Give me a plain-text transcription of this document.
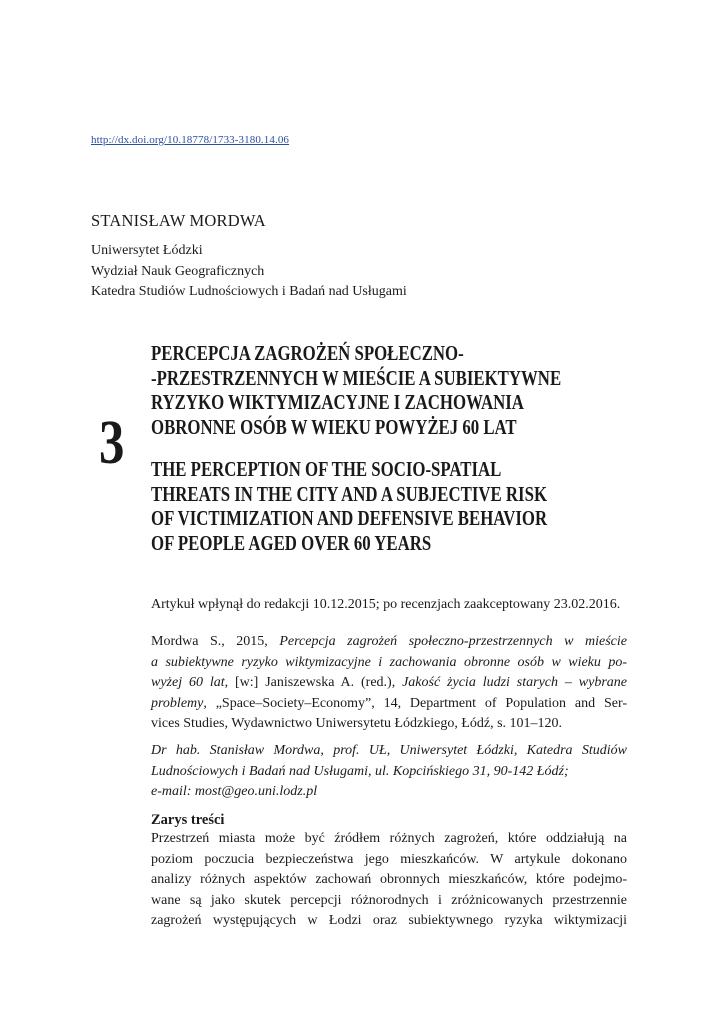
http://dx.doi.org/10.18778/1733-3180.14.06
STANISŁAW MORDWA
Uniwersytet Łódzki
Wydział Nauk Geograficznych
Katedra Studiów Ludnościowych i Badań nad Usługami
3
PERCEPCJA ZAGROŻEŃ SPOŁECZNO-
-PRZESTRZENNYCH W MIEŚCIE A SUBIEKTYWNE
RYZYKO WIKTYMIZACYJNE I ZACHOWANIA
OBRONNE OSÓB W WIEKU POWYŻEJ 60 LAT
THE PERCEPTION OF THE SOCIO-SPATIAL
THREATS IN THE CITY AND A SUBJECTIVE RISK
OF VICTIMIZATION AND DEFENSIVE BEHAVIOR
OF PEOPLE AGED OVER 60 YEARS
Artykuł wpłynął do redakcji 10.12.2015; po recenzjach zaakceptowany 23.02.2016.
Mordwa S., 2015, Percepcja zagrożeń społeczno-przestrzennych w mieście
a subiektywne ryzyko wiktymizacyjne i zachowania obronne osób w wieku po-
wyżej 60 lat, [w:] Janiszewska A. (red.), Jakość życia ludzi starych – wybrane
problemy, „Space–Society–Economy”, 14, Department of Population and Ser-
vices Studies, Wydawnictwo Uniwersytetu Łódzkiego, Łódź, s. 101–120.
Dr hab. Stanisław Mordwa, prof. UŁ, Uniwersytet Łódzki, Katedra Studiów
Ludnościowych i Badań nad Usługami, ul. Kopcińskiego 31, 90-142 Łódź;
e-mail: most@geo.uni.lodz.pl
Zarys treści
Przestrzeń miasta może być źródłem różnych zagrożeń, które oddziałują na
poziom poczucia bezpieczeństwa jego mieszkańców. W artykule dokonano
analizy różnych aspektów zachowań obronnych mieszkańców, które podejmo-
wane są jako skutek percepcji różnorodnych i zróżnicowanych przestrzennie
zagrożeń występujących w Łodzi oraz subiektywnego ryzyka wiktymizacji
